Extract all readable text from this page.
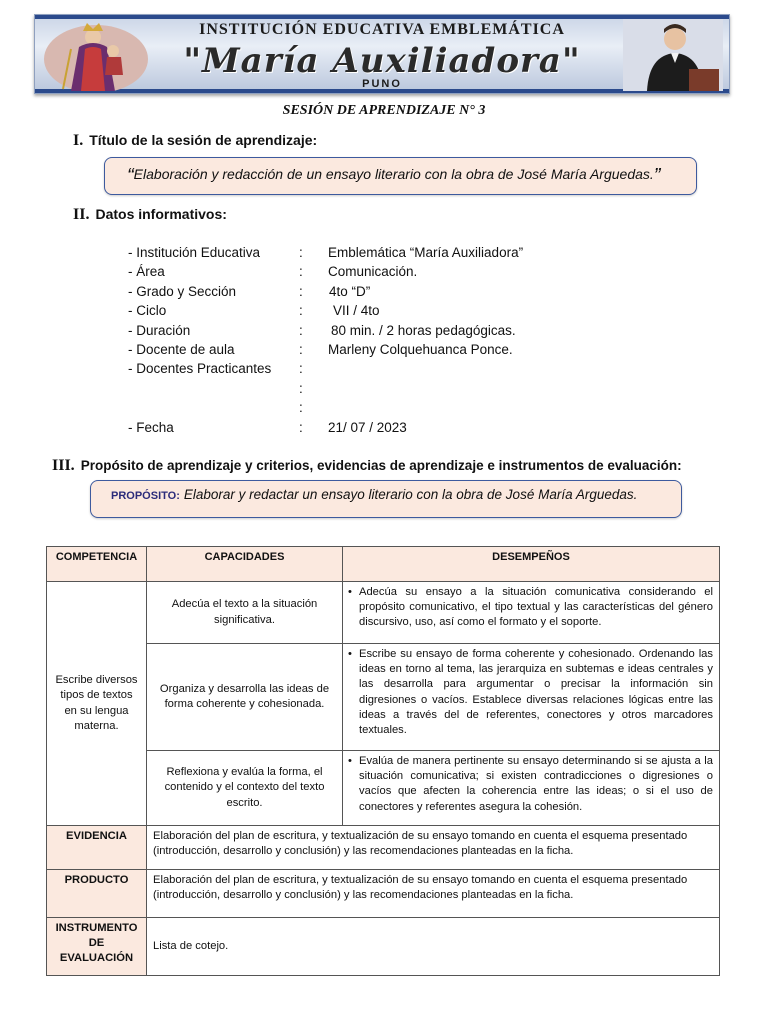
INSTITUCIÓN EDUCATIVA EMBLEMÁTICA
"María Auxiliadora"
PUNO
SESIÓN DE APRENDIZAJE N° 3
I. Título de la sesión de aprendizaje:
“Elaboración y redacción de un ensayo literario con la obra de José María Arguedas.”
II. Datos informativos:
- Institución Educativa	: Emblemática “María Auxiliadora”
- Área	: Comunicación.
- Grado y Sección	: 4to “D”
- Ciclo	: VII / 4to
- Duración	: 80 min. / 2 horas pedagógicas.
- Docente de aula	: Marleny Colquehuanca Ponce.
- Docentes Practicantes :
:
:
- Fecha	: 21/ 07 / 2023
III. Propósito de aprendizaje y criterios, evidencias de aprendizaje e instrumentos de evaluación:
PROPÓSITO: Elaborar y redactar un ensayo literario con la obra de José María Arguedas.
COMPETENCIA	CAPACIDADES	DESEMPEÑOS
Escribe diversos tipos de textos en su lengua materna.	Adecúa el texto a la situación significativa.	• Adecúa su ensayo a la situación comunicativa considerando el propósito comunicativo, el tipo textual y las características del género discursivo, uso, así como el formato y el soporte.

	Organiza y desarrolla las ideas de forma coherente y cohesionada.	• Escribe su ensayo de forma coherente y cohesionado. Ordenando las ideas en torno al tema, las jerarquiza en subtemas e ideas centrales y las desarrolla para argumentar o precisar la información sin digresiones o vacíos. Establece diversas relaciones lógicas entre las ideas a través del de referentes, conectores y otros marcadores textuales.

	Reflexiona y evalúa la forma, el contenido y el contexto del texto escrito.	• Evalúa de manera pertinente su ensayo determinando si se ajusta a la situación comunicativa; si existen contradicciones o digresiones o vacíos que afecten la coherencia entre las ideas; o si el uso de conectores y referentes asegura la cohesión.

EVIDENCIA	Elaboración del plan de escritura, y textualización de su ensayo tomando en cuenta el esquema presentado (introducción, desarrollo y conclusión) y las recomendaciones planteadas en la ficha.	
PRODUCTO	Elaboración del plan de escritura, y textualización de su ensayo tomando en cuenta el esquema presentado (introducción, desarrollo y conclusión) y las recomendaciones planteadas en la ficha.	
INSTRUMENTO DE EVALUACIÓN	Lista de cotejo.	
